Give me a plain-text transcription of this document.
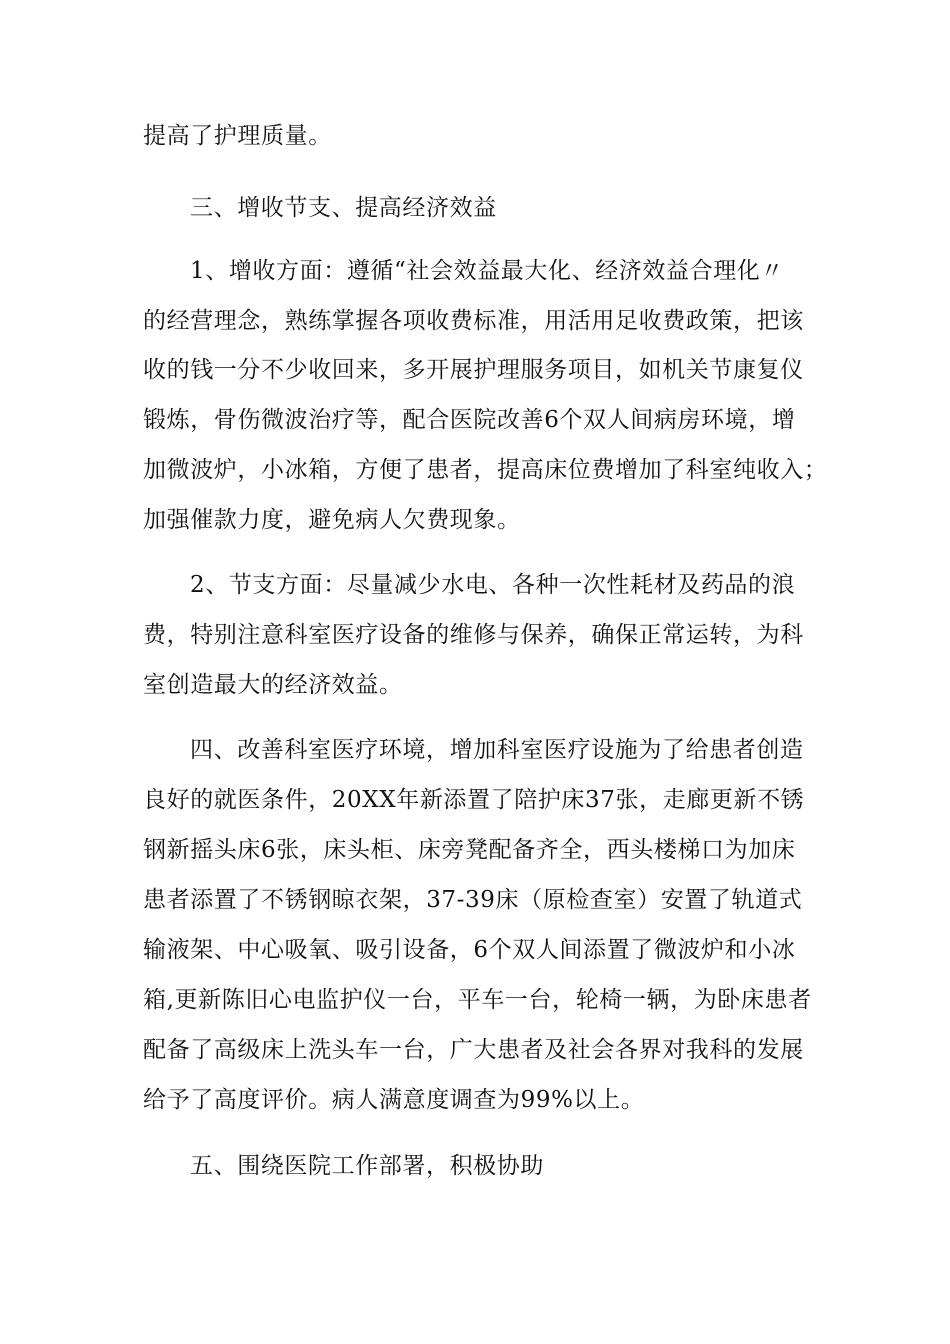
提高了护理质量。
三、增收节支、提高经济效益
1、增收方面：遵循“社会效益最大化、经济效益合理化〃
的经营理念，熟练掌握各项收费标准，用活用足收费政策，把该
收的钱一分不少收回来，多开展护理服务项目，如机关节康复仪
锻炼，骨伤微波治疗等，配合医院改善6个双人间病房环境，增
加微波炉，小冰箱，方便了患者，提高床位费增加了科室纯收入；
加强催款力度，避免病人欠费现象。
2、节支方面：尽量减少水电、各种一次性耗材及药品的浪
费，特别注意科室医疗设备的维修与保养，确保正常运转，为科
室创造最大的经济效益。
四、改善科室医疗环境，增加科室医疗设施为了给患者创造
良好的就医条件，20XX年新添置了陪护床37张，走廊更新不锈
钢新摇头床6张，床头柜、床旁凳配备齐全，西头楼梯口为加床
患者添置了不锈钢晾衣架，37-39床（原检查室）安置了轨道式
输液架、中心吸氧、吸引设备，6个双人间添置了微波炉和小冰
箱,更新陈旧心电监护仪一台，平车一台，轮椅一辆，为卧床患者
配备了高级床上洗头车一台，广大患者及社会各界对我科的发展
给予了高度评价。病人满意度调查为99%以上。
五、围绕医院工作部署，积极协助
